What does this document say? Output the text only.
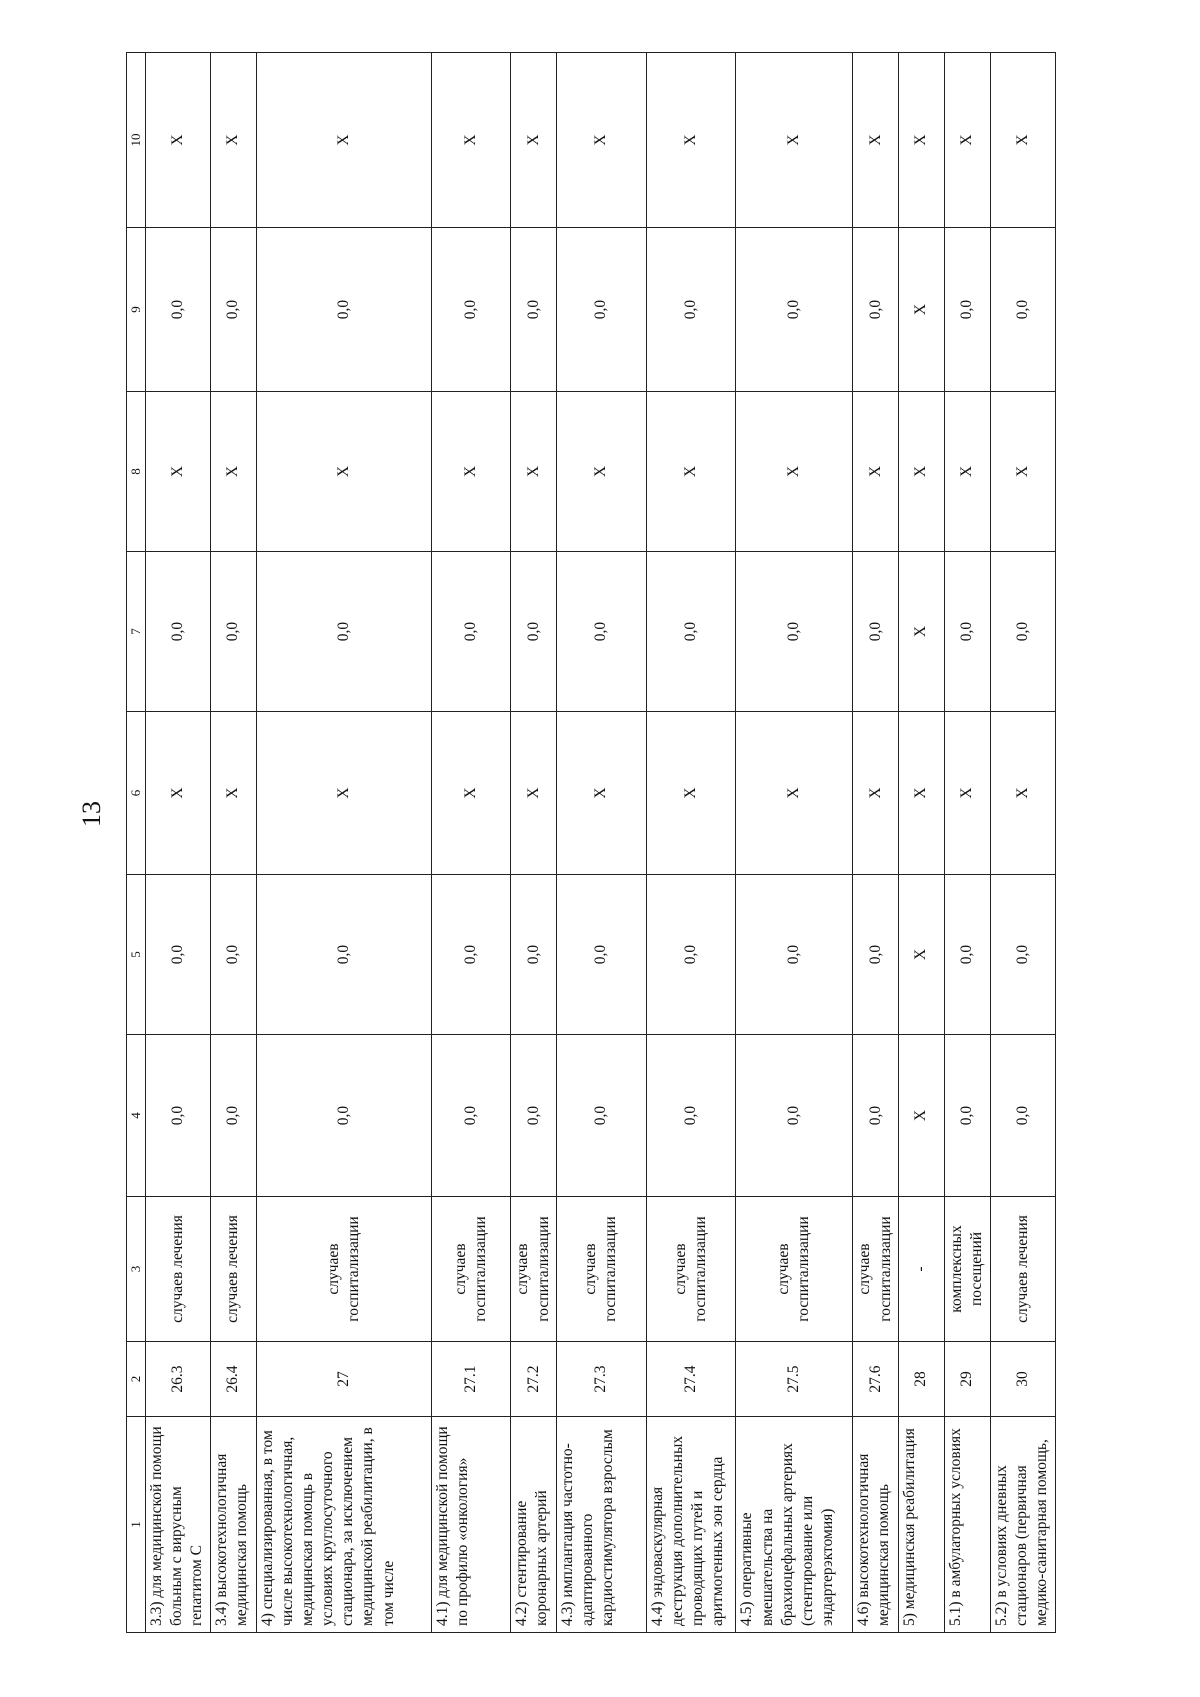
13
1	2	3	4	5	6	7	8	9	10
3.3) для медицинской помощи больным с вирусным гепатитом С	26.3	случаев лечения	0,0	0,0	Х	0,0	Х	0,0	Х
3.4) высокотехнологичная медицинская помощь	26.4	случаев лечения	0,0	0,0	Х	0,0	Х	0,0	Х
4) специализированная, в том числе высокотехнологичная, медицинская помощь в условиях круглосуточного стационара, за исключением медицинской реабилитации, в том числе	27	случаев госпитализации	0,0	0,0	Х	0,0	Х	0,0	Х
4.1) для медицинской помощи по профилю «онкология»	27.1	случаев госпитализации	0,0	0,0	Х	0,0	Х	0,0	Х
4.2) стентирование коронарных артерий	27.2	случаев госпитализации	0,0	0,0	Х	0,0	Х	0,0	Х
4.3) имплантация частотно-адаптированного кардиостимулятора взрослым	27.3	случаев госпитализации	0,0	0,0	Х	0,0	Х	0,0	Х
4.4) эндоваскулярная деструкция дополнительных проводящих путей и аритмогенных зон сердца	27.4	случаев госпитализации	0,0	0,0	Х	0,0	Х	0,0	Х
4.5) оперативные вмешательства на брахиоцефальных артериях (стентирование или эндартерэктомия)	27.5	случаев госпитализации	0,0	0,0	Х	0,0	Х	0,0	Х
4.6) высокотехнологичная медицинская помощь	27.6	случаев госпитализации	0,0	0,0	Х	0,0	Х	0,0	Х
5) медицинская реабилитация	28	-	Х	Х	Х	Х	Х	Х	Х
5.1) в амбулаторных условиях	29	комплексных посещений	0,0	0,0	Х	0,0	Х	0,0	Х
5.2) в условиях дневных стационаров (первичная медико-санитарная помощь,	30	случаев лечения	0,0	0,0	Х	0,0	Х	0,0	Х
